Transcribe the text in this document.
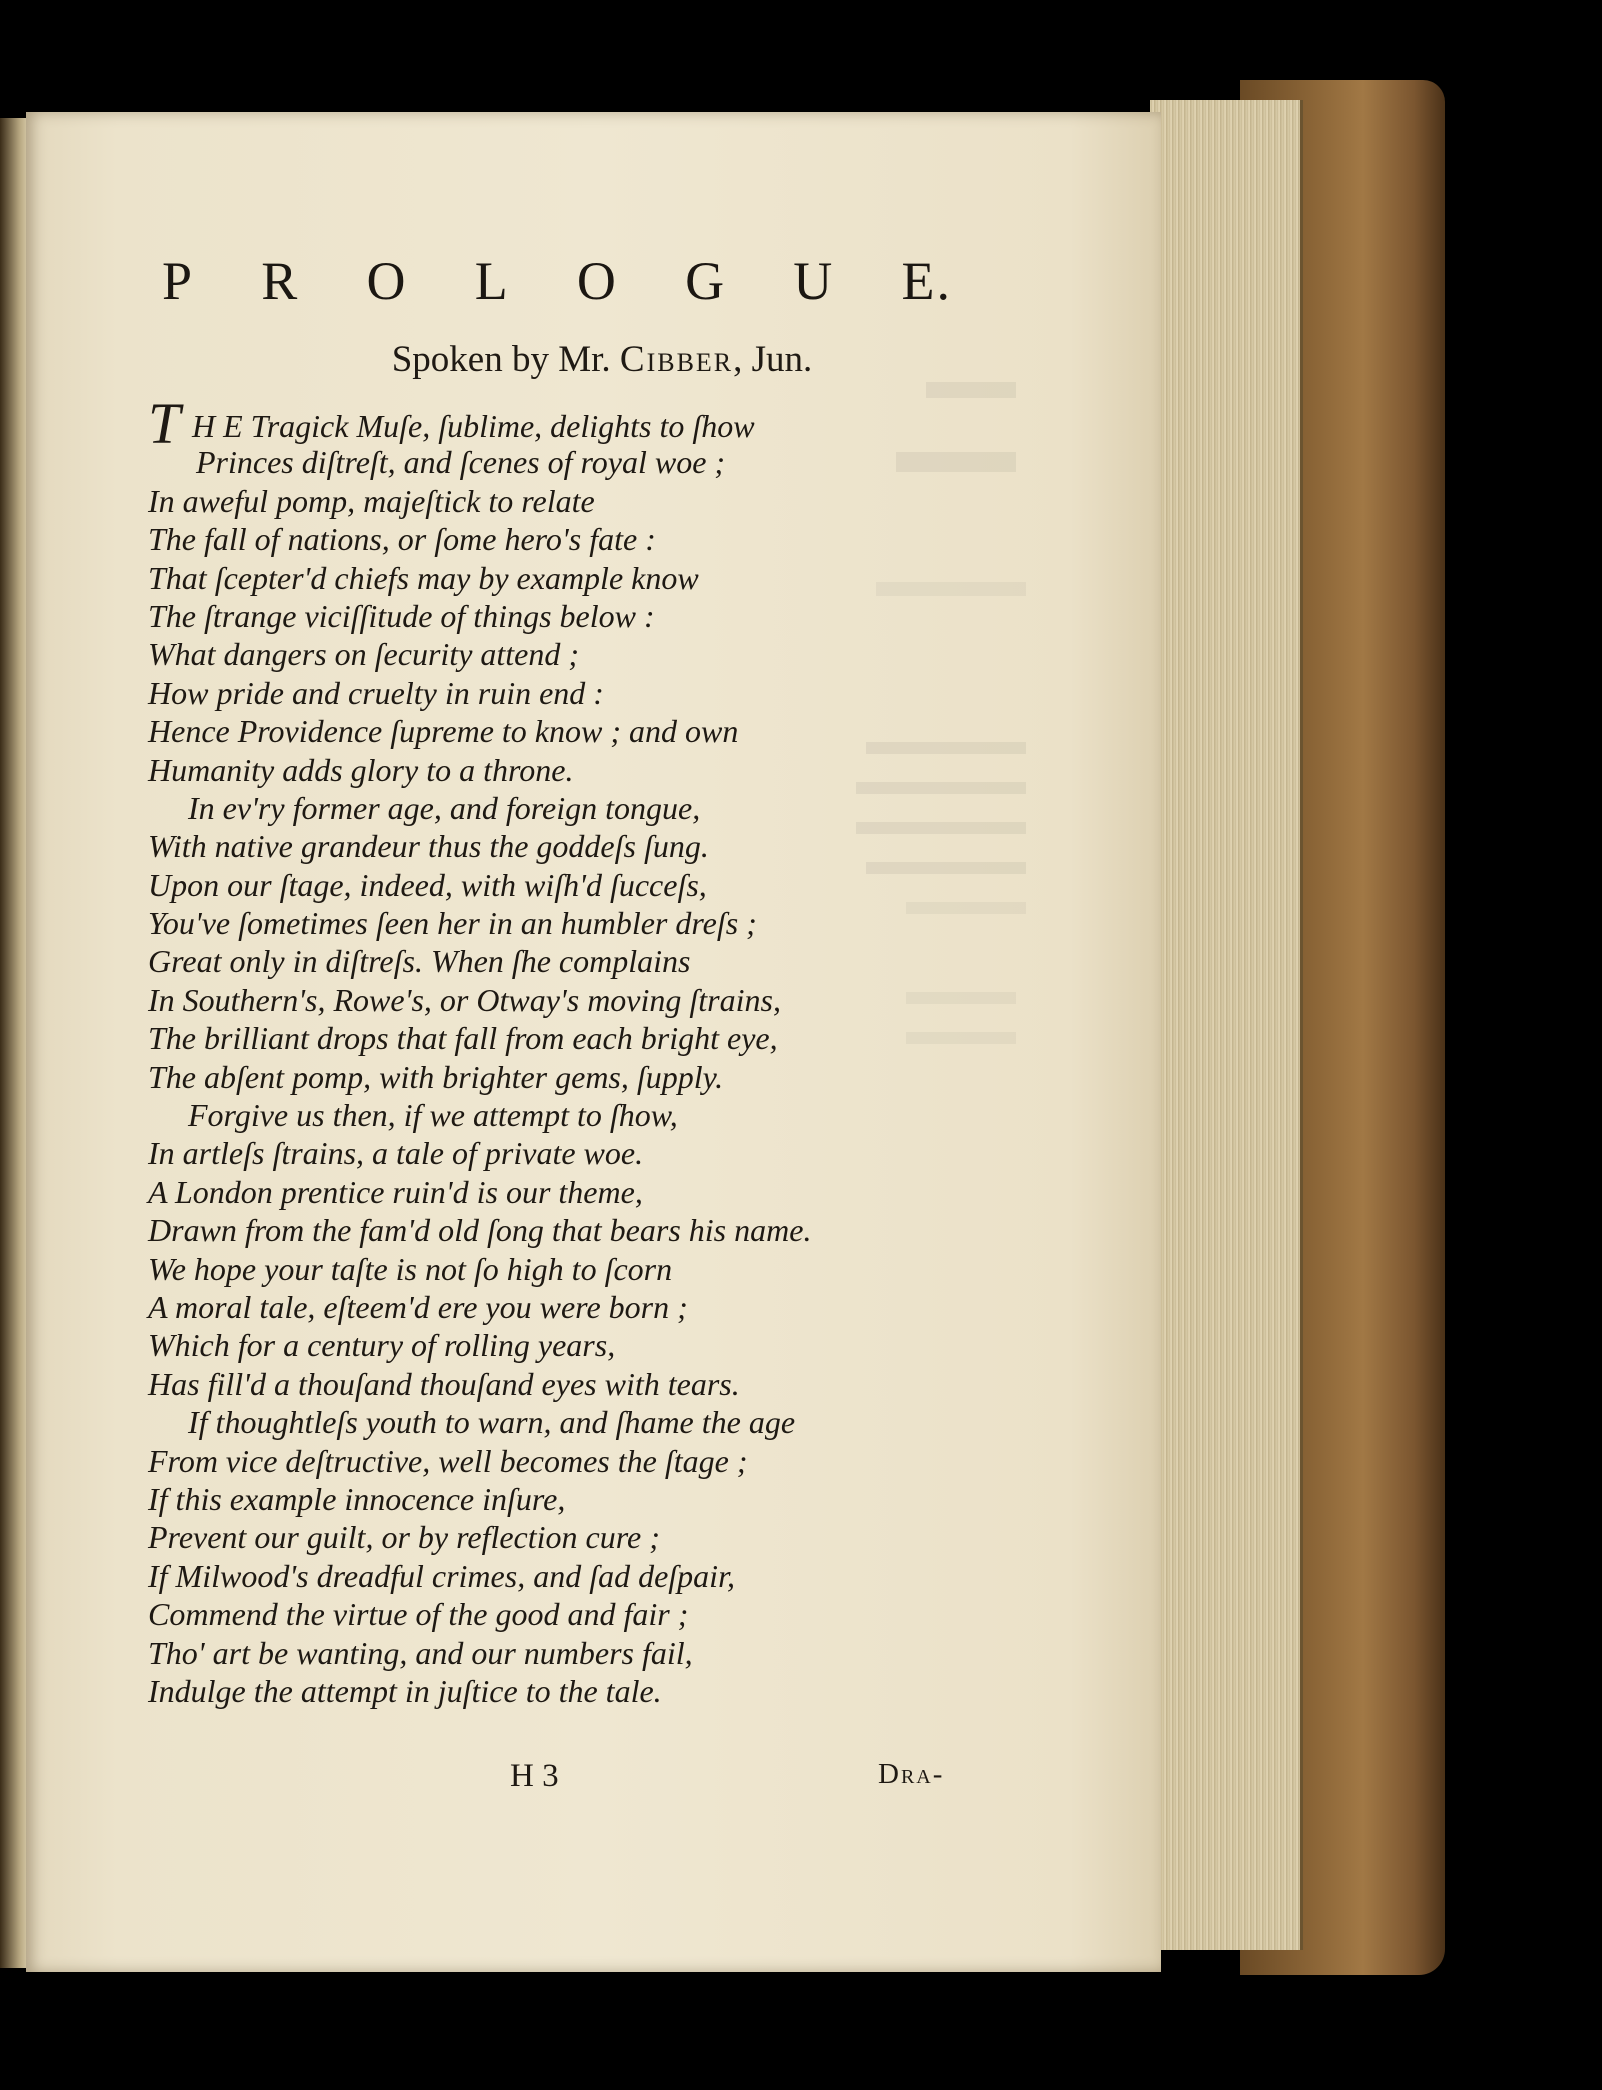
P R O L O G U E.
Spoken by Mr. Cibber, Jun.
T H E Tragick Muſe, ſublime, delights to ſhow
Princes diſtreſt, and ſcenes of royal woe ;
In aweful pomp, majeſtick to relate
The fall of nations, or ſome hero's fate :
That ſcepter'd chiefs may by example know
The ſtrange viciſſitude of things below :
What dangers on ſecurity attend ;
How pride and cruelty in ruin end :
Hence Providence ſupreme to know ; and own
Humanity adds glory to a throne.
In ev'ry former age, and foreign tongue,
With native grandeur thus the goddeſs ſung.
Upon our ſtage, indeed, with wiſh'd ſucceſs,
You've ſometimes ſeen her in an humbler dreſs ;
Great only in diſtreſs. When ſhe complains
In Southern's, Rowe's, or Otway's moving ſtrains,
The brilliant drops that fall from each bright eye,
The abſent pomp, with brighter gems, ſupply.
Forgive us then, if we attempt to ſhow,
In artleſs ſtrains, a tale of private woe.
A London prentice ruin'd is our theme,
Drawn from the fam'd old ſong that bears his name.
We hope your taſte is not ſo high to ſcorn
A moral tale, eſteem'd ere you were born ;
Which for a century of rolling years,
Has fill'd a thouſand thouſand eyes with tears.
If thoughtleſs youth to warn, and ſhame the age
From vice deſtructive, well becomes the ſtage ;
If this example innocence inſure,
Prevent our guilt, or by reflection cure ;
If Milwood's dreadful crimes, and ſad deſpair,
Commend the virtue of the good and fair ;
Tho' art be wanting, and our numbers fail,
Indulge the attempt in juſtice to the tale.
H 3	Dra-
